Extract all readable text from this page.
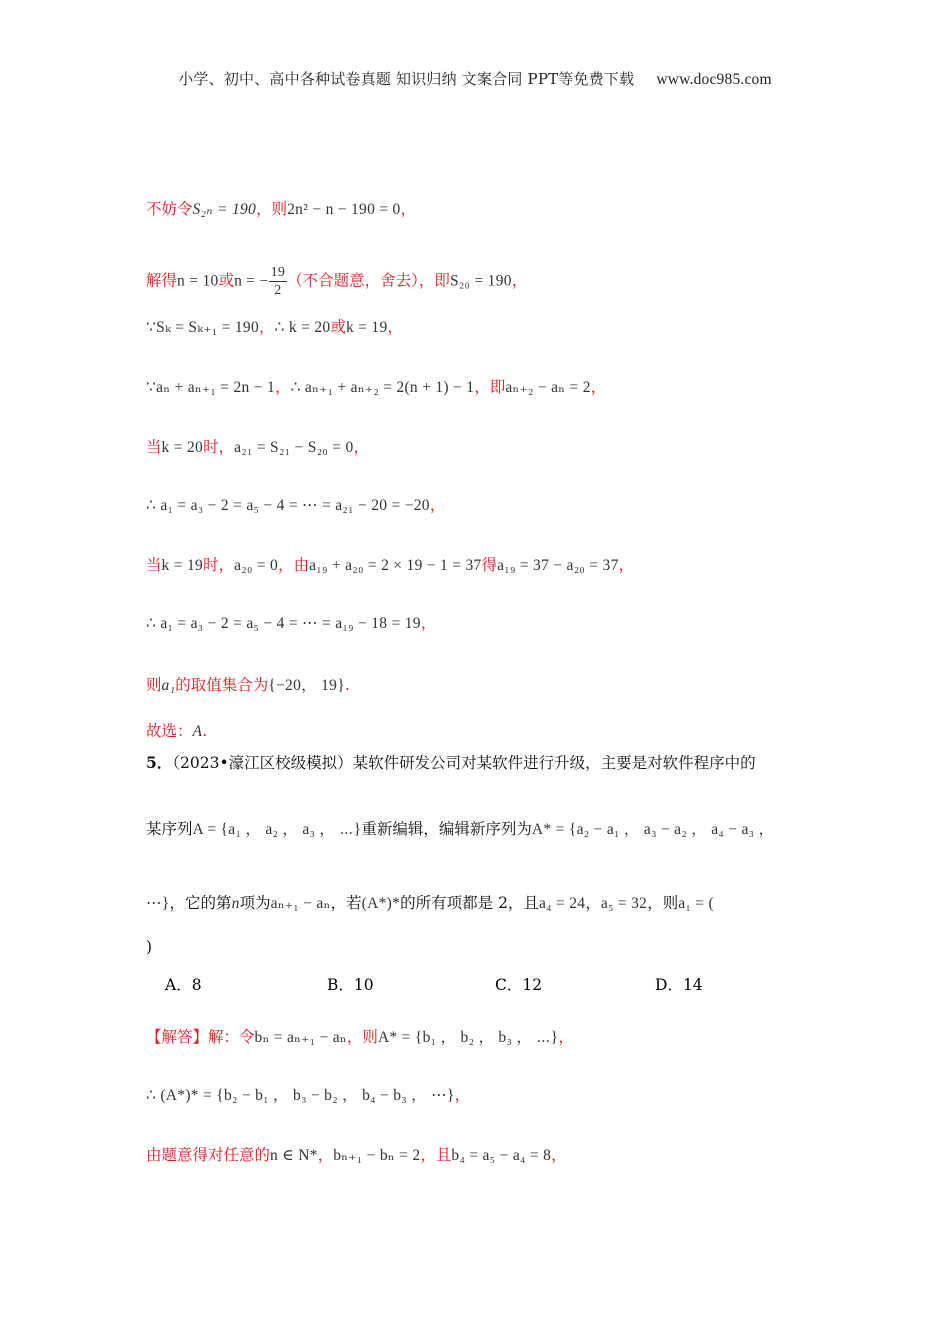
小学、初中、高中各种试卷真题 知识归纳 文案合同 PPT等免费下载 www.doc985.com
不妨令S₂ₙ = 190，则2n² − n − 190 = 0，
解得n = 10或n = − $\frac{19}{2}$ （不合题意，舍去），即S₂₀ = 190，
∵Sₖ = Sₖ₊₁ = 190，∴ k = 20或k = 19，
∵aₙ + aₙ₊₁ = 2n − 1，∴ aₙ₊₁ + aₙ₊₂ = 2(n + 1) − 1，即aₙ₊₂ − aₙ = 2，
当k = 20时，a₂₁ = S₂₁ − S₂₀ = 0，
∴ a₁ = a₃ − 2 = a₅ − 4 = ⋯ = a₂₁ − 20 = −20，
当k = 19时，a₂₀ = 0，由a₁₉ + a₂₀ = 2 × 19 − 1 = 37得a₁₉ = 37 − a₂₀ = 37，
∴ a₁ = a₃ − 2 = a₅ − 4 = ⋯ = a₁₉ − 18 = 19，
则a₁的取值集合为{−20， 19}.
故选：A.
5．（2023•濠江区校级模拟）某软件研发公司对某软件进行升级，主要是对软件程序中的
某序列A = {a₁ ， a₂ ， a₃ ， ⋯}重新编辑，编辑新序列为A* = {a₂ − a₁ ， a₃ − a₂ ， a₄ − a₃ ，
⋯}，它的第n项为aₙ₊₁ − aₙ，若(A*)*的所有项都是 2，且a₄ = 24，a₅ = 32，则a₁ = (
)
A．8	B．10	C．12	D．14
【解答】解：令bₙ = aₙ₊₁ − aₙ，则A* = {b₁ ， b₂ ， b₃ ， ⋯}，
∴ (A*)* = {b₂ − b₁ ， b₃ − b₂ ， b₄ − b₃ ， ⋯}，
由题意得对任意的n ∈ N*，bₙ₊₁ − bₙ = 2，且b₄ = a₅ − a₄ = 8，
